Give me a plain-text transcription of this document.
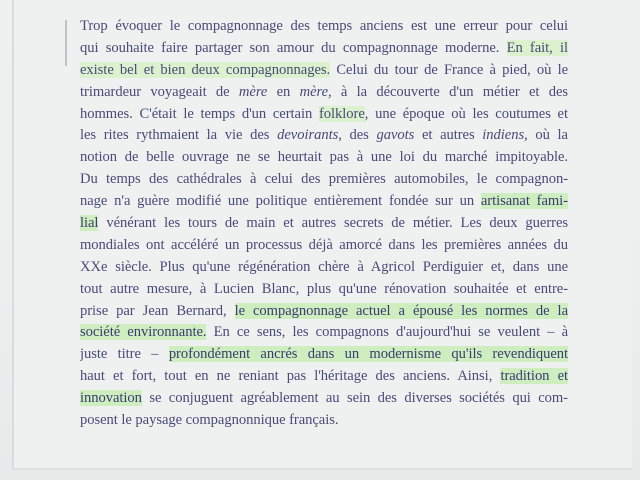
Trop évoquer le compagnonnage des temps anciens est une erreur pour celui
qui souhaite faire partager son amour du compagnonnage moderne. En fait, il
existe bel et bien deux compagnonnages. Celui du tour de France à pied, où le
trimardeur voyageait de mère en mère, à la découverte d'un métier et des
hommes. C'était le temps d'un certain folklore, une époque où les coutumes et
les rites rythmaient la vie des devoirants, des gavots et autres indiens, où la
notion de belle ouvrage ne se heurtait pas à une loi du marché impitoyable.
Du temps des cathédrales à celui des premières automobiles, le compagnon-
nage n'a guère modifié une politique entièrement fondée sur un artisanat fami-
lial vénérant les tours de main et autres secrets de métier. Les deux guerres
mondiales ont accéléré un processus déjà amorcé dans les premières années du
XXe siècle. Plus qu'une régénération chère à Agricol Perdiguier et, dans une
tout autre mesure, à Lucien Blanc, plus qu'une rénovation souhaitée et entre-
prise par Jean Bernard, le compagnonnage actuel a épousé les normes de la
société environnante. En ce sens, les compagnons d'aujourd'hui se veulent – à
juste titre – profondément ancrés dans un modernisme qu'ils revendiquent
haut et fort, tout en ne reniant pas l'héritage des anciens. Ainsi, tradition et
innovation se conjuguent agréablement au sein des diverses sociétés qui com-
posent le paysage compagnonnique français.
